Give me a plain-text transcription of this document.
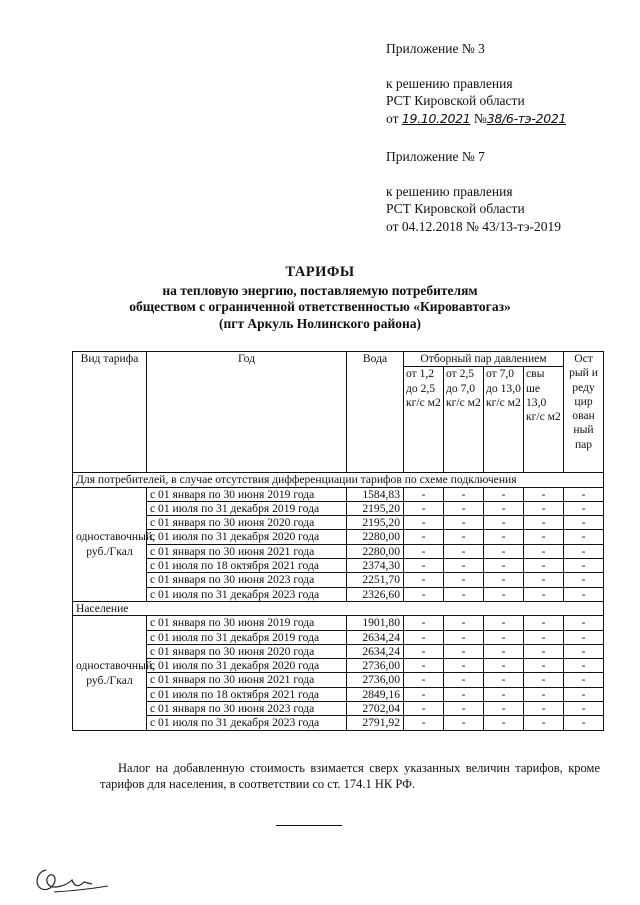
Приложение № 3
к решению правления
РСТ Кировской области
от 19.10.2021 №38/6-тэ-2021
Приложение № 7
к решению правления
РСТ Кировской области
от 04.12.2018 № 43/13-тэ-2019
ТАРИФЫ
на тепловую энергию, поставляемую потребителям
обществом с ограниченной ответственностью «Кировавтогаз»
(пгт Аркуль Нолинского района)
Вид тарифа	Год	Вода	Отборный пар давлением				Ост рый и реду цир ован ный пар
			от 1,2 до 2,5 кг/с м2	от 2,5 до 7,0 кг/с м2	от 7,0 до 13,0 кг/с м2	свы ше 13,0 кг/с м2	
Для потребителей, в случае отсутствия дифференциации тарифов по схеме подключения							
одноставочный, руб./Гкал	с 01 января по 30 июня 2019 года	1584,83	-	-	-	-	-
	с 01 июля по 31 декабря 2019 года	2195,20	-	-	-	-	-
	с 01 января по 30 июня 2020 года	2195,20	-	-	-	-	-
	с 01 июля по 31 декабря 2020 года	2280,00	-	-	-	-	-
	с 01 января по 30 июня 2021 года	2280,00	-	-	-	-	-
	с 01 июля по 18 октября 2021 года	2374,30	-	-	-	-	-
	с 01 января по 30 июня 2023 года	2251,70	-	-	-	-	-
	с 01 июля по 31 декабря 2023 года	2326,60	-	-	-	-	-
Население							
одноставочный, руб./Гкал	с 01 января по 30 июня 2019 года	1901,80	-	-	-	-	-
	с 01 июля по 31 декабря 2019 года	2634,24	-	-	-	-	-
	с 01 января по 30 июня 2020 года	2634,24	-	-	-	-	-
	с 01 июля по 31 декабря 2020 года	2736,00	-	-	-	-	-
	с 01 января по 30 июня 2021 года	2736,00	-	-	-	-	-
	с 01 июля по 18 октября 2021 года	2849,16	-	-	-	-	-
	с 01 января по 30 июня 2023 года	2702,04	-	-	-	-	-
	с 01 июля по 31 декабря 2023 года	2791,92	-	-	-	-	-
Налог на добавленную стоимость взимается сверх указанных величин тарифов, кроме тарифов для населения, в соответствии со ст. 174.1 НК РФ.
